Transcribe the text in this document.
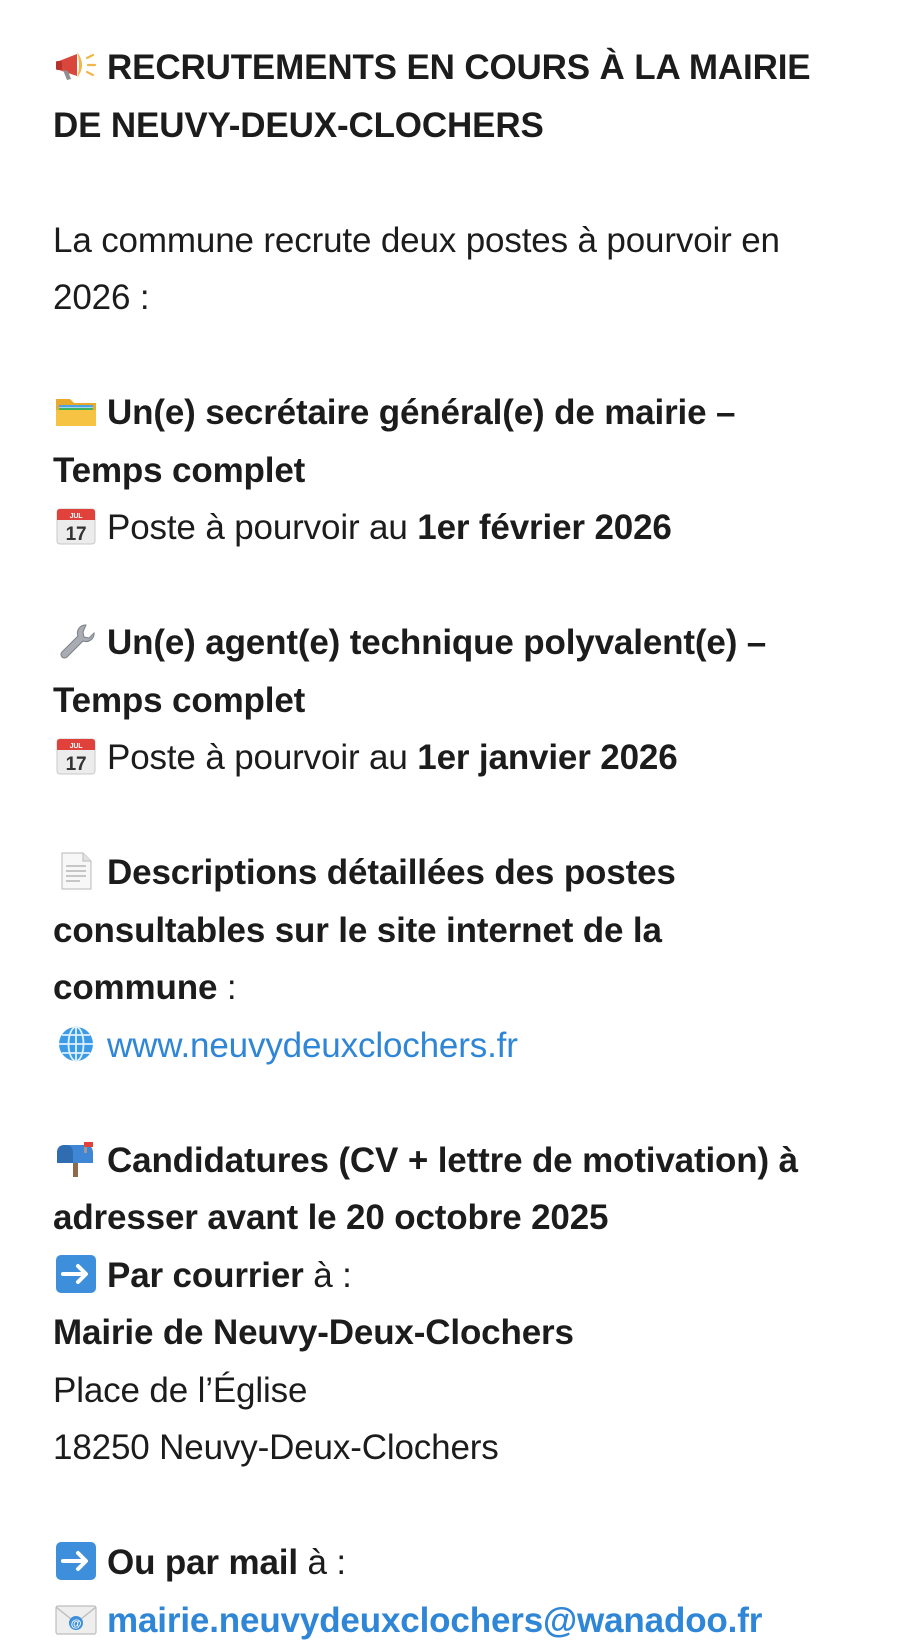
RECRUTEMENTS EN COURS À LA MAIRIE
DE NEUVY-DEUX-CLOCHERS
La commune recrute deux postes à pourvoir en
2026 :
Un(e) secrétaire général(e) de mairie –
Temps complet
JUL
17 Poste à pourvoir au 1er février 2026
Un(e) agent(e) technique polyvalent(e) –
Temps complet
JUL
17 Poste à pourvoir au 1er janvier 2026
Descriptions détaillées des postes
consultables sur le site internet de la
commune :
www.neuvydeuxclochers.fr
Candidatures (CV + lettre de motivation) à
adresser avant le 20 octobre 2025
Par courrier à :
Mairie de Neuvy-Deux-Clochers
Place de l’Église
18250 Neuvy-Deux-Clochers
Ou par mail à :
@ mairie.neuvydeuxclochers@wanadoo.fr
